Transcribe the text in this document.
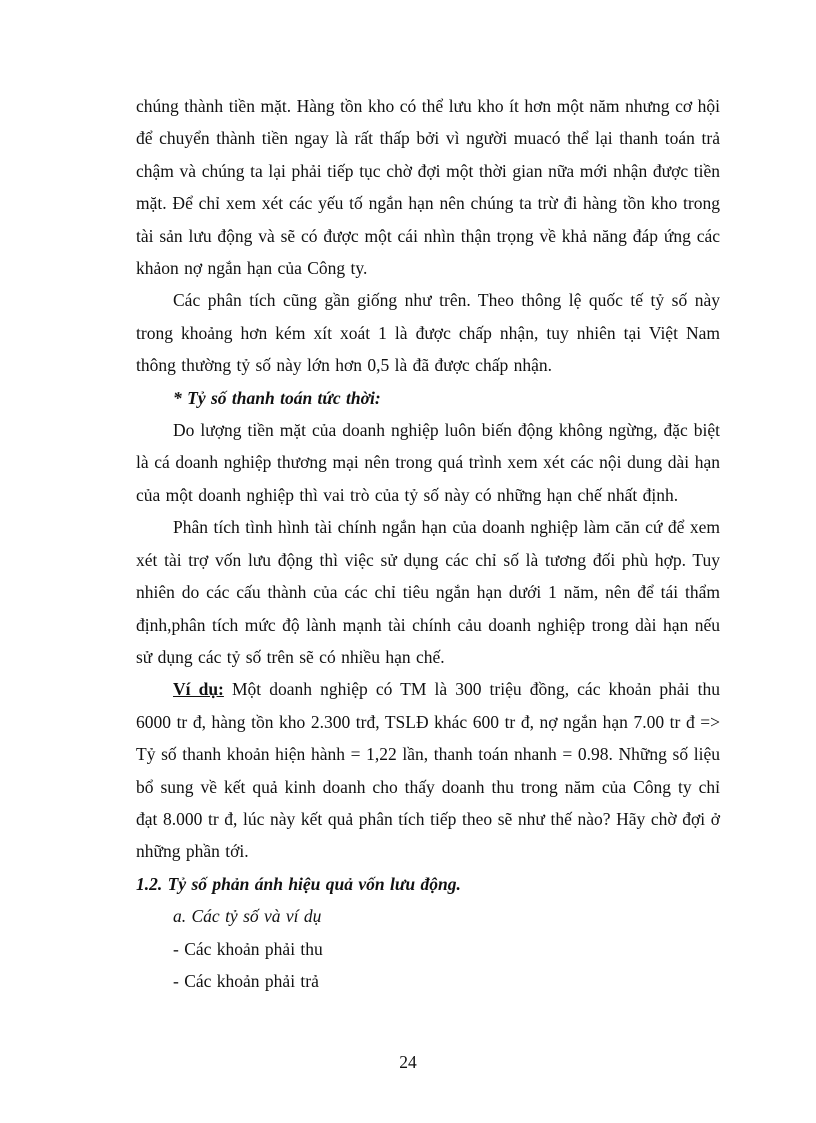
chúng thành tiền mặt. Hàng tồn kho có thể lưu kho ít hơn một năm nhưng cơ hội để chuyển thành tiền ngay là rất thấp bởi vì người muacó thể lại thanh toán trả chậm và chúng ta lại phải tiếp tục chờ đợi một thời gian nữa mới nhận được tiền mặt. Để chỉ xem xét các yếu tố ngắn hạn nên chúng ta trừ đi hàng tồn kho trong tài sản lưu động và sẽ có được một cái nhìn thận trọng về khả năng đáp ứng các khảon nợ ngắn hạn của Công ty.

Các phân tích cũng gần giống như trên. Theo thông lệ quốc tế tỷ số này trong khoảng hơn kém xít xoát 1 là được chấp nhận, tuy nhiên tại Việt Nam thông thường tỷ số này lớn hơn 0,5 là đã được chấp nhận.

* Tỷ số thanh toán tức thời:

Do lượng tiền mặt của doanh nghiệp luôn biến động không ngừng, đặc biệt là cá doanh nghiệp thương mại nên trong quá trình xem xét các nội dung dài hạn của một doanh nghiệp thì vai trò của tỷ số này có những hạn chế nhất định.

Phân tích tình hình tài chính ngắn hạn của doanh nghiệp làm căn cứ để xem xét tài trợ vốn lưu động thì việc sử dụng các chỉ số là tương đối phù hợp. Tuy nhiên do các cấu thành của các chỉ tiêu ngắn hạn dưới 1 năm, nên để tái thẩm định,phân tích mức độ lành mạnh tài chính cảu doanh nghiệp trong dài hạn nếu sử dụng các tỷ số trên sẽ có nhiều hạn chế.

Ví dụ: Một doanh nghiệp có TM là 300 triệu đồng, các khoản phải thu 6000 tr đ, hàng tồn kho 2.300 trđ, TSLĐ khác 600 tr đ, nợ ngắn hạn 7.00 tr đ => Tỷ số thanh khoản hiện hành = 1,22 lần, thanh toán nhanh = 0.98. Những số liệu bổ sung về kết quả kinh doanh cho thấy doanh thu trong năm của Công ty chỉ đạt 8.000 tr đ, lúc này kết quả phân tích tiếp theo sẽ như thế nào? Hãy chờ đợi ở những phần tới.

1.2. Tỷ số phản ánh hiệu quả vốn lưu động.

a. Các tỷ số và ví dụ

- Các khoản phải thu

- Các khoản phải trả

24
